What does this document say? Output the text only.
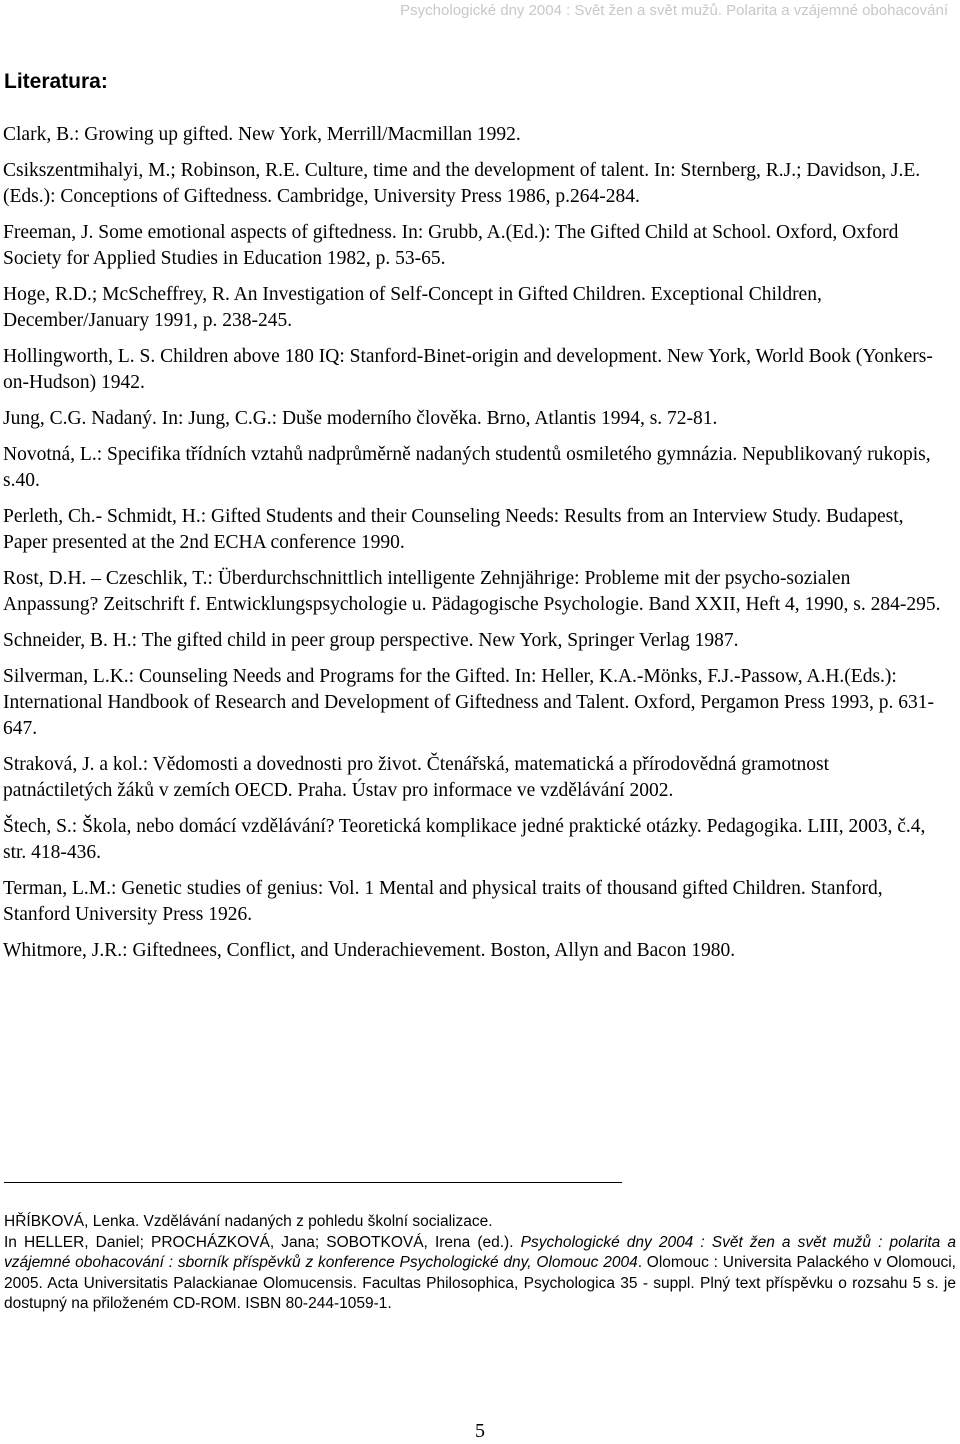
Psychologické dny 2004 : Svět žen a svět mužů. Polarita a vzájemné obohacování
Literatura:

Clark, B.: Growing up gifted. New York, Merrill/Macmillan 1992.

Csikszentmihalyi, M.; Robinson, R.E. Culture, time and the development of talent. In: Sternberg, R.J.; Davidson, J.E. (Eds.): Conceptions of Giftedness. Cambridge, University Press 1986, p.264-284.

Freeman, J. Some emotional aspects of giftedness. In: Grubb, A.(Ed.): The Gifted Child at School. Oxford, Oxford Society for Applied Studies in Education 1982, p. 53-65.

Hoge, R.D.; McScheffrey, R. An Investigation of Self-Concept in Gifted Children. Exceptional Children, December/January 1991, p. 238-245.

Hollingworth, L. S. Children above 180 IQ: Stanford-Binet-origin and development. New York, World Book (Yonkers-on-Hudson) 1942.

Jung, C.G. Nadaný. In: Jung, C.G.: Duše moderního člověka. Brno, Atlantis 1994, s. 72-81.

Novotná, L.: Specifika třídních vztahů nadprůměrně nadaných studentů osmiletého gymnázia. Nepublikovaný rukopis, s.40.

Perleth, Ch.- Schmidt, H.: Gifted Students and their Counseling Needs: Results from an Interview Study. Budapest, Paper presented at the 2nd ECHA conference 1990.

Rost, D.H. – Czeschlik, T.: Überdurchschnittlich intelligente Zehnjährige: Probleme mit der psycho-sozialen Anpassung? Zeitschrift f. Entwicklungspsychologie u. Pädagogische Psychologie. Band XXII, Heft 4, 1990, s. 284-295.

Schneider, B. H.: The gifted child in peer group perspective. New York, Springer Verlag 1987.

Silverman, L.K.: Counseling Needs and Programs for the Gifted. In: Heller, K.A.-Mönks, F.J.-Passow, A.H.(Eds.): International Handbook of Research and Development of Giftedness and Talent. Oxford, Pergamon Press 1993, p. 631-647.

Straková, J. a kol.: Vědomosti a dovednosti pro život. Čtenářská, matematická a přírodovědná gramotnost patnáctiletých žáků v zemích OECD. Praha. Ústav pro informace ve vzdělávání 2002.

Štech, S.: Škola, nebo domácí vzdělávání? Teoretická komplikace jedné praktické otázky. Pedagogika. LIII, 2003, č.4, str. 418-436.

Terman, L.M.: Genetic studies of genius: Vol. 1 Mental and physical traits of thousand gifted Children. Stanford, Stanford University Press 1926.

Whitmore, J.R.: Giftednees, Conflict, and Underachievement. Boston, Allyn and Bacon 1980.

HŘÍBKOVÁ, Lenka. Vzdělávání nadaných z pohledu školní socializace.
In HELLER, Daniel; PROCHÁZKOVÁ, Jana; SOBOTKOVÁ, Irena (ed.). Psychologické dny 2004 : Svět žen a svět mužů : polarita a vzájemné obohacování : sborník příspěvků z konference Psychologické dny, Olomouc 2004. Olomouc : Universita Palackého v Olomouci, 2005. Acta Universitatis Palackianae Olomucensis. Facultas Philosophica, Psychologica 35 - suppl. Plný text příspěvku o rozsahu 5 s. je dostupný na přiloženém CD-ROM. ISBN 80-244-1059-1.

5
